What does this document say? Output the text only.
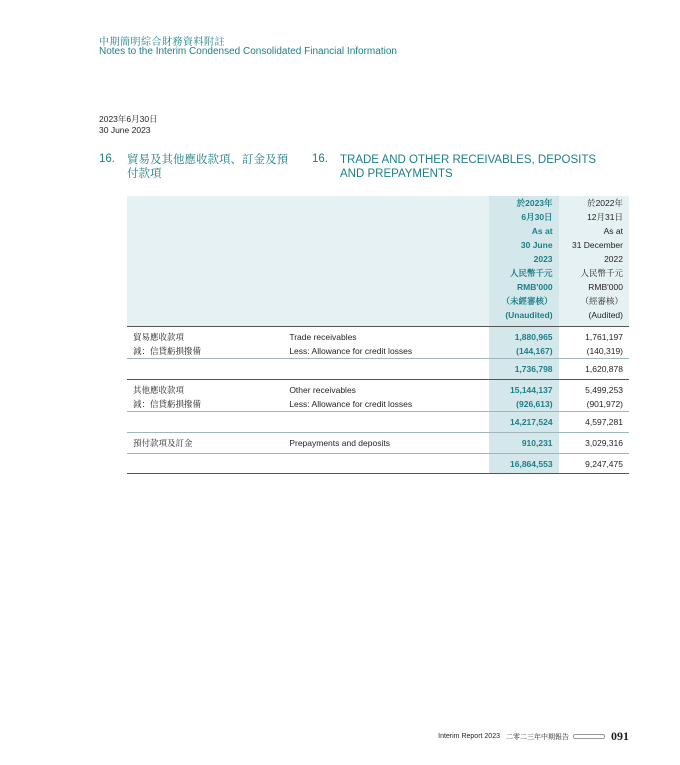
中期簡明綜合財務資料附註
Notes to the Interim Condensed Consolidated Financial Information
2023年6月30日
30 June 2023
16. 貿易及其他應收款項、訂金及預付款項
16. TRADE AND OTHER RECEIVABLES, DEPOSITS AND PREPAYMENTS
		於2023年	於2022年
		6月30日	12月31日
		As at	As at
		30 June	31 December
		2023	2022
		人民幣千元	人民幣千元
		RMB'000	RMB'000
		（未經審核）	（經審核）
		(Unaudited)	(Audited)
貿易應收款項	Trade receivables	1,880,965	1,761,197
減：信貸虧損撥備	Less: Allowance for credit losses	(144,167)	(140,319)
		1,736,798	1,620,878
其他應收款項	Other receivables	15,144,137	5,499,253
減：信貸虧損撥備	Less: Allowance for credit losses	(926,613)	(901,972)
		14,217,524	4,597,281
預付款項及訂金	Prepayments and deposits	910,231	3,029,316
		16,864,553	9,247,475
Interim Report 2023 二零二三年中期報告	091
